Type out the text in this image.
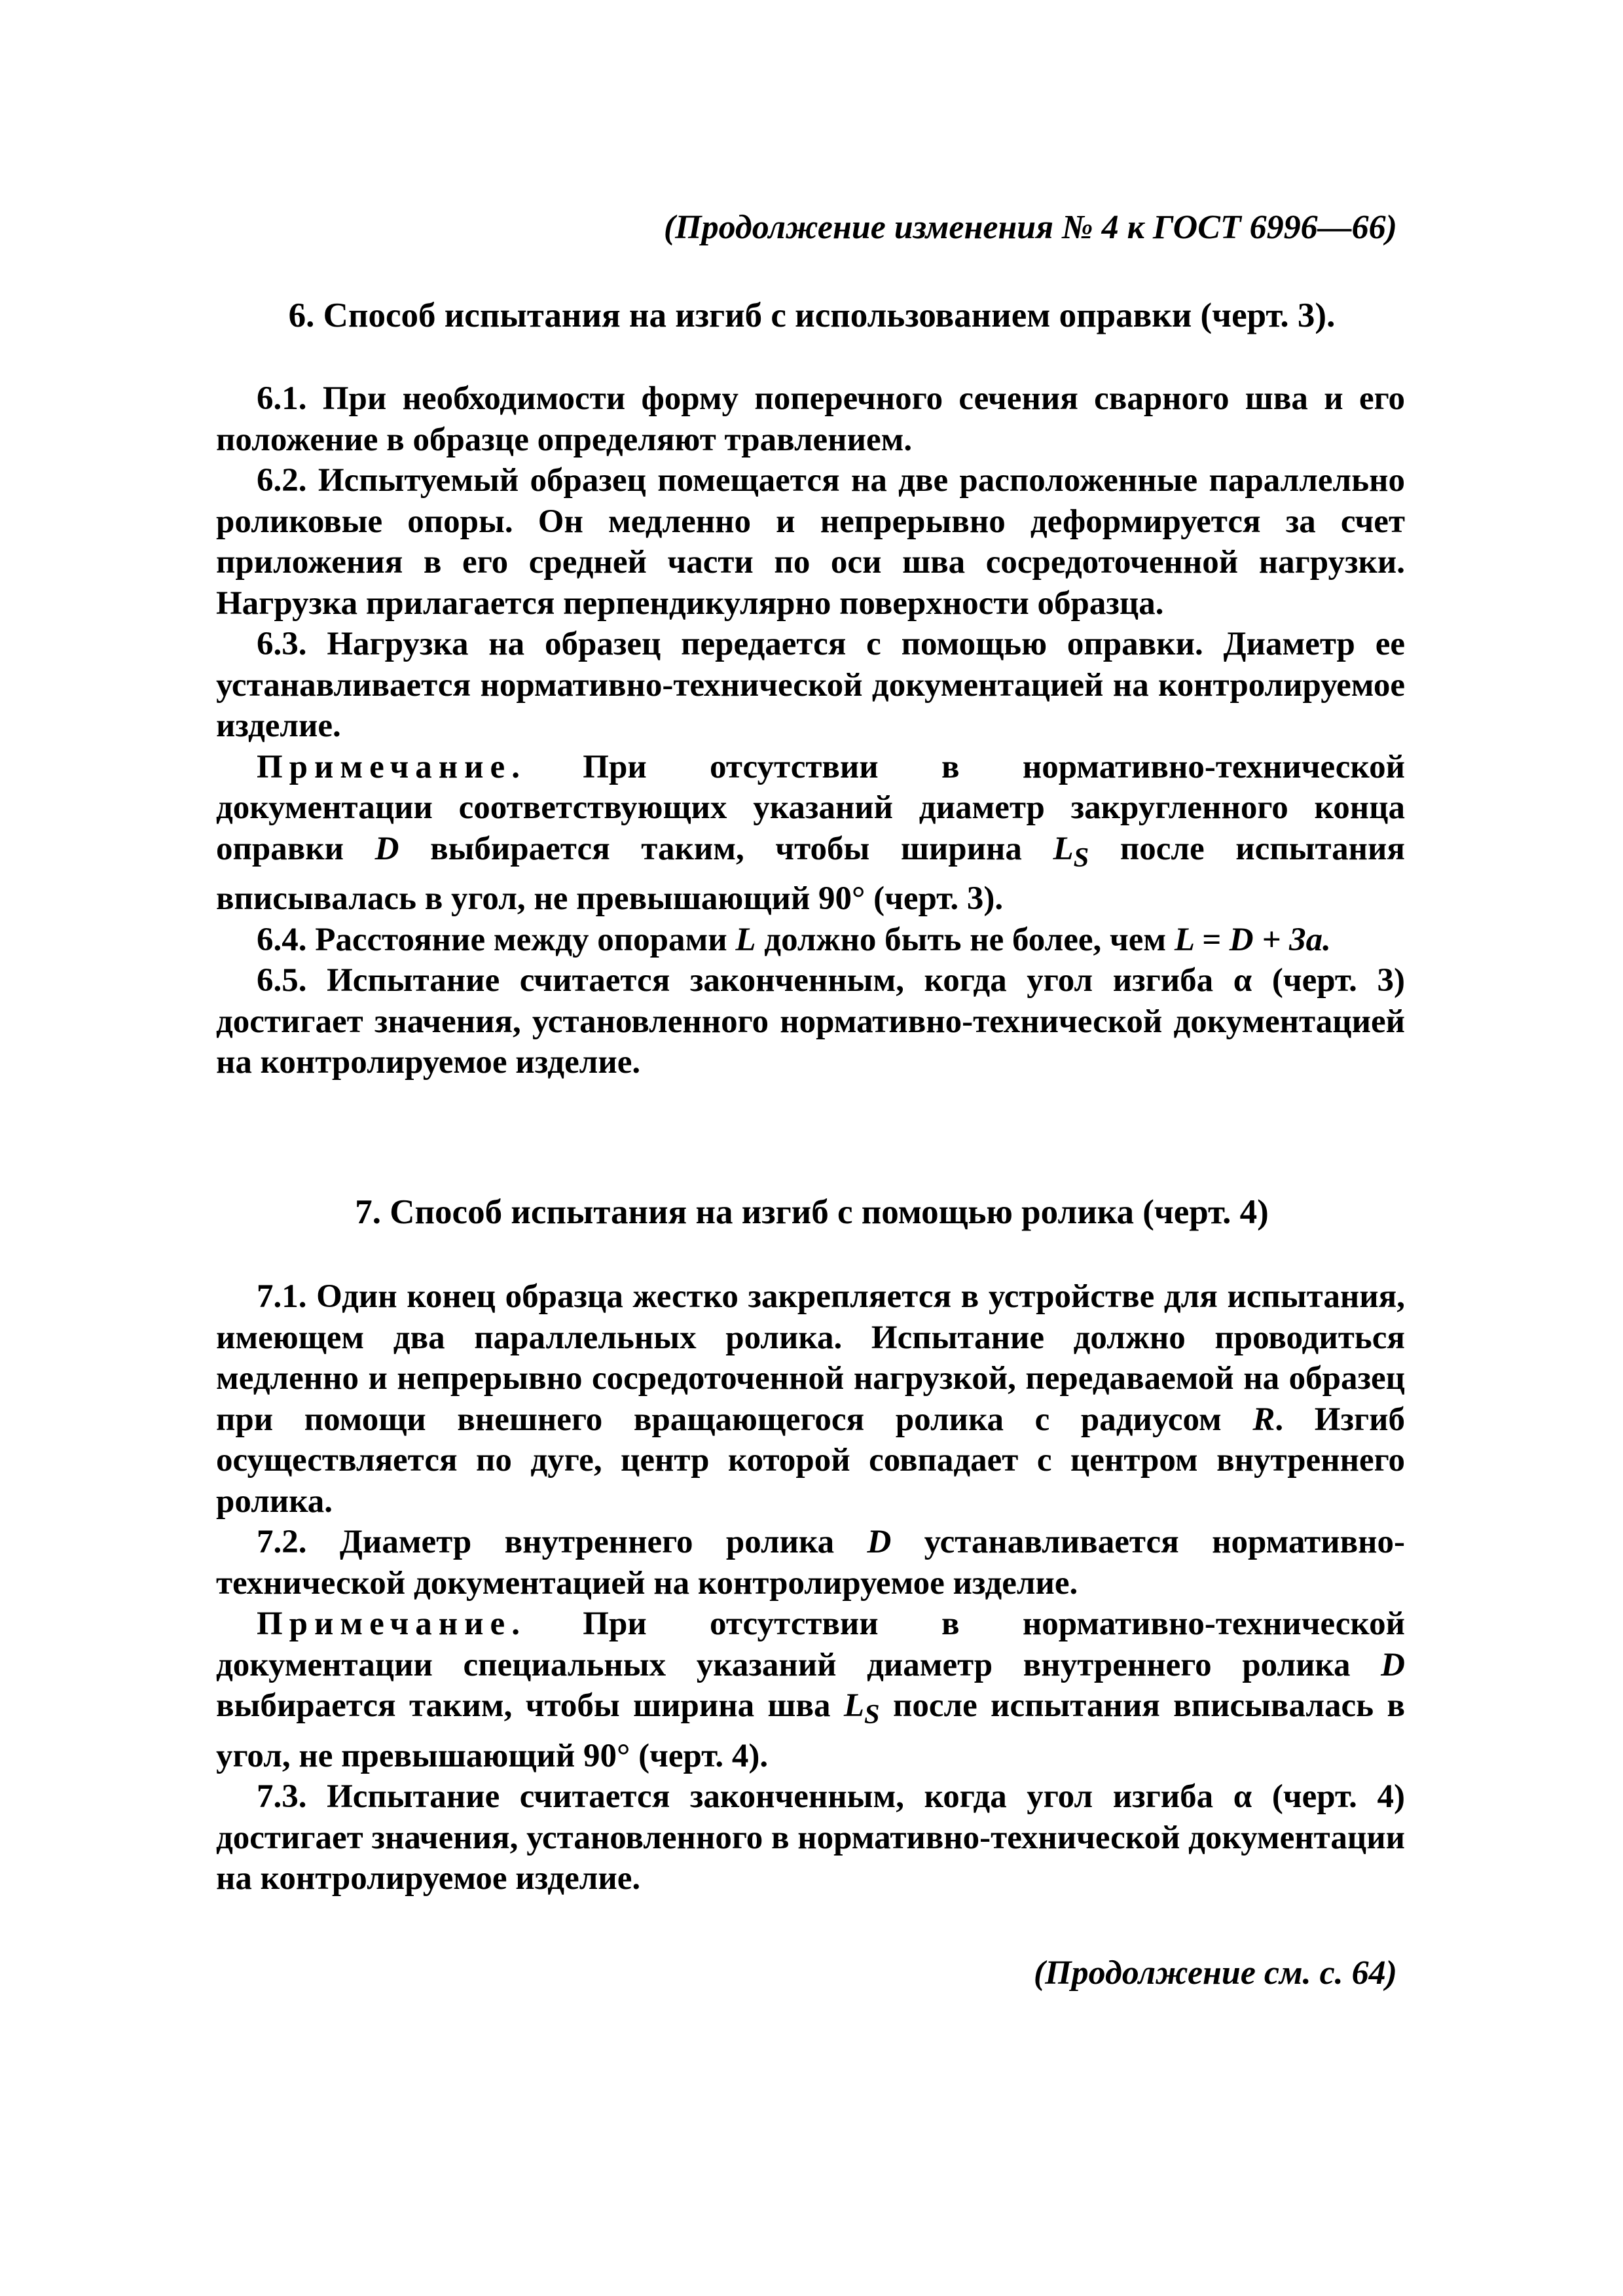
(Продолжение изменения № 4 к ГОСТ 6996—66)
6. Способ испытания на изгиб с использованием оправки (черт. 3).

6.1. При необходимости форму поперечного сечения сварного шва и его положение в образце определяют травлением.

6.2. Испытуемый образец помещается на две расположенные параллельно роликовые опоры. Он медленно и непрерывно деформируется за счет приложения в его средней части по оси шва сосредоточенной нагрузки. Нагрузка прилагается перпендикулярно поверхности образца.

6.3. Нагрузка на образец передается с помощью оправки. Диаметр ее устанавливается нормативно-технической документацией на контролируемое изделие.

Примечание. При отсутствии в нормативно-технической документации соответствующих указаний диаметр закругленного конца оправки D выбирается таким, чтобы ширина $L_S$ после испытания вписывалась в угол, не превышающий 90° (черт. 3).

6.4. Расстояние между опорами L должно быть не более, чем L = D + 3a.

6.5. Испытание считается законченным, когда угол изгиба α (черт. 3) достигает значения, установленного нормативно-технической документацией на контролируемое изделие.

7. Способ испытания на изгиб с помощью ролика (черт. 4)

7.1. Один конец образца жестко закрепляется в устройстве для испытания, имеющем два параллельных ролика. Испытание должно проводиться медленно и непрерывно сосредоточенной нагрузкой, передаваемой на образец при помощи внешнего вращающегося ролика с радиусом R. Изгиб осуществляется по дуге, центр которой совпадает с центром внутреннего ролика.

7.2. Диаметр внутреннего ролика D устанавливается нормативно-технической документацией на контролируемое изделие.

Примечание. При отсутствии в нормативно-технической документации специальных указаний диаметр внутреннего ролика D выбирается таким, чтобы ширина шва $L_S$ после испытания вписывалась в угол, не превышающий 90° (черт. 4).

7.3. Испытание считается законченным, когда угол изгиба α (черт. 4) достигает значения, установленного в нормативно-технической документации на контролируемое изделие.

(Продолжение см. с. 64)
